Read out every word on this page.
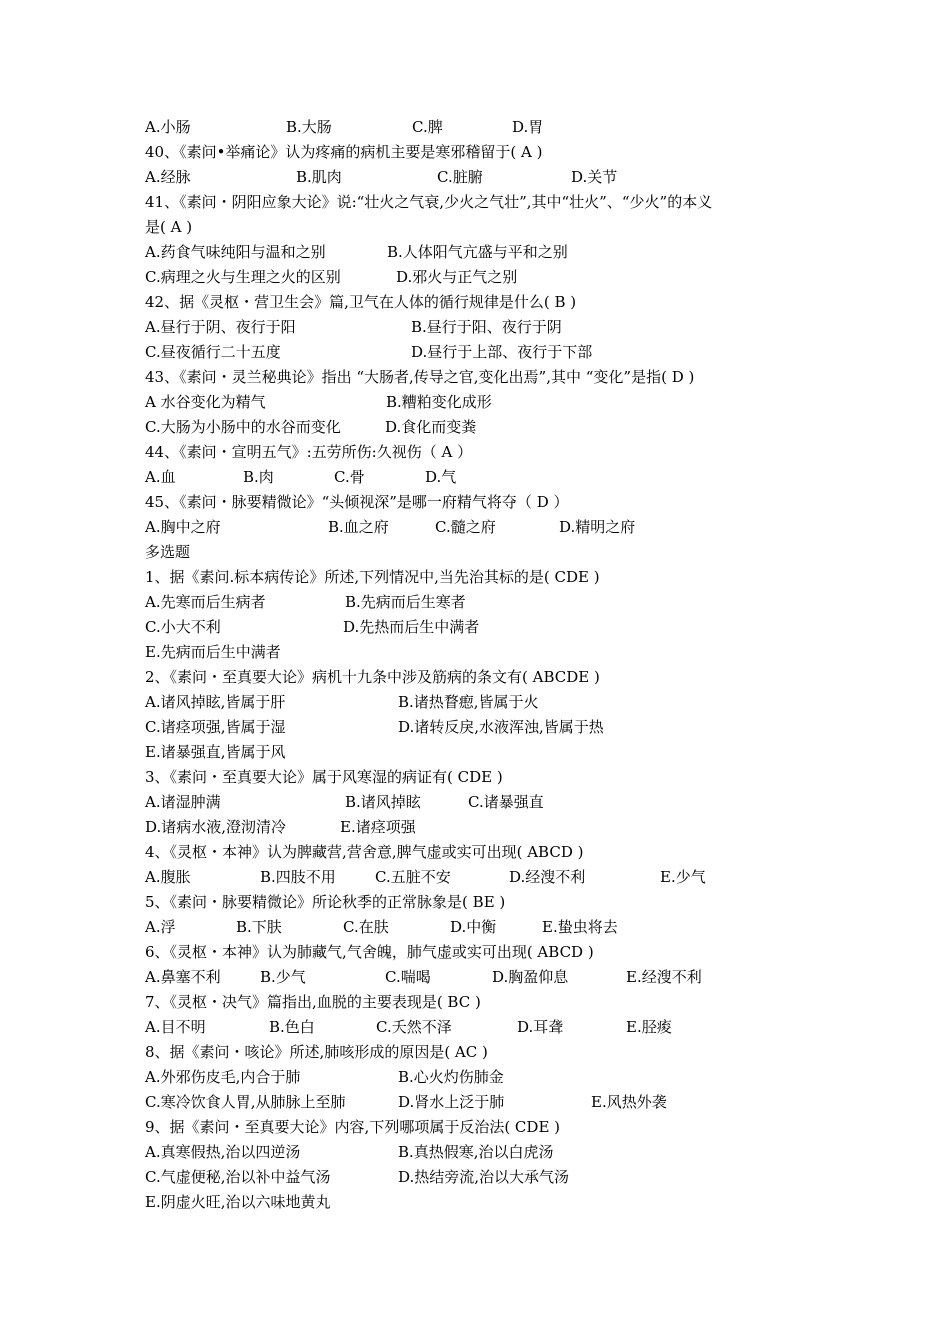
A.小肠	B.大肠	C.脾	D.胃
40、《素问•举痛论》认为疼痛的病机主要是寒邪稽留于( A )
A.经脉	B.肌肉	C.脏腑	D.关节
41、《素问・阴阳应象大论》说:“壮火之气衰,少火之气壮”,其中“壮火”、“少火”的本义
是( A )
A.药食气味纯阳与温和之别	B.人体阳气亢盛与平和之别
C.病理之火与生理之火的区别	D.邪火与正气之别
42、据《灵枢・营卫生会》篇,卫气在人体的循行规律是什么( B )
A.昼行于阴、夜行于阳	B.昼行于阳、夜行于阴
C.昼夜循行二十五度	D.昼行于上部、夜行于下部
43、《素问・灵兰秘典论》指出 “大肠者,传导之官,变化出焉”,其中 “变化”是指( D )
A 水谷变化为精气	B.糟粕变化成形
C.大肠为小肠中的水谷而变化	D.食化而变粪
44、《素问・宣明五气》:五劳所伤:久视伤（ A ）
A.血	B.肉	C.骨	D.气
45、《素问・脉要精微论》“头倾视深”是哪一府精气将夺（ D ）
A.胸中之府	B.血之府	C.髓之府	D.精明之府
多选题
1、据《素问.标本病传论》所述,下列情况中,当先治其标的是( CDE )
A.先寒而后生病者	B.先病而后生寒者
C.小大不利	D.先热而后生中满者
E.先病而后生中满者
2、《素问・至真要大论》病机十九条中涉及筋病的条文有( ABCDE )
A.诸风掉眩,皆属于肝	B.诸热瞀瘛,皆属于火
C.诸痉项强,皆属于湿	D.诸转反戾,水液浑浊,皆属于热
E.诸暴强直,皆属于风
3、《素问・至真要大论》属于风寒湿的病证有( CDE )
A.诸湿肿满	B.诸风掉眩	C.诸暴强直
D.诸病水液,澄沏清冷	E.诸痉项强
4、《灵枢・本神》认为脾藏营,营舍意,脾气虚或实可出现( ABCD )
A.腹胀	B.四肢不用	C.五脏不安	D.经溲不利	E.少气
5、《素问・脉要精微论》所论秋季的正常脉象是( BE )
A.浮	B.下肤	C.在肤	D.中衡	E.蛰虫将去
6、《灵枢・本神》认为肺藏气,气舍魄，肺气虚或实可出现( ABCD )
A.鼻塞不利	B.少气	C.喘喝	D.胸盈仰息	E.经溲不利
7、《灵枢・决气》篇指出,血脱的主要表现是( BC )
A.目不明	B.色白	C.夭然不泽	D.耳聋	E.胫痠
8、据《素问・咳论》所述,肺咳形成的原因是( AC )
A.外邪伤皮毛,内合于肺	B.心火灼伤肺金
C.寒冷饮食人胃,从肺脉上至肺	D.肾水上泛于肺	E.风热外袭
9、据《素问・至真要大论》内容,下列哪项属于反治法( CDE )
A.真寒假热,治以四逆汤	B.真热假寒,治以白虎汤
C.气虚便秘,治以补中益气汤	D.热结旁流,治以大承气汤
E.阴虚火旺,治以六味地黄丸
